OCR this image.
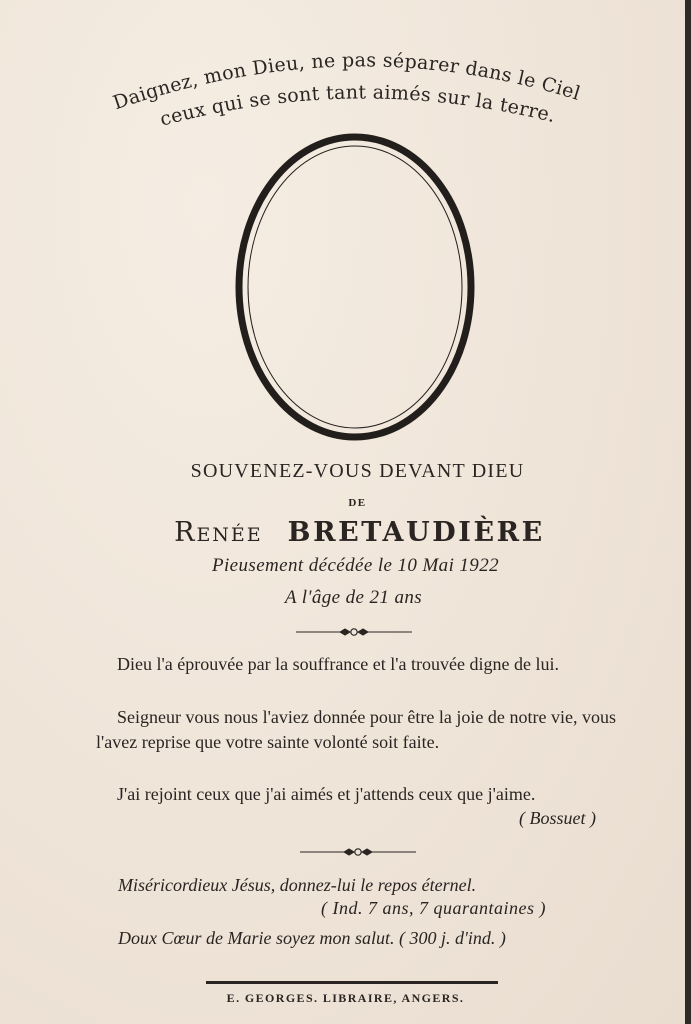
Daignez, mon Dieu, ne pas séparer dans le Ciel
ceux qui se sont tant aimés sur la terre.
SOUVENEZ-VOUS DEVANT DIEU
DE
Renée BRETAUDIÈRE
Pieusement décédée le 10 Mai 1922
A l'âge de 21 ans
Dieu l'a éprouvée par la souffrance et l'a trouvée digne de lui.
Seigneur vous nous l'aviez donnée pour être la joie de notre vie, vous l'avez reprise que votre sainte volonté soit faite.
J'ai rejoint ceux que j'ai aimés et j'attends ceux que j'aime.
( Bossuet )
Miséricordieux Jésus, donnez-lui le repos éternel.
( Ind. 7 ans, 7 quarantaines )
Doux Cœur de Marie soyez mon salut. ( 300 j. d'ind. )
E. GEORGES. LIBRAIRE, ANGERS.
